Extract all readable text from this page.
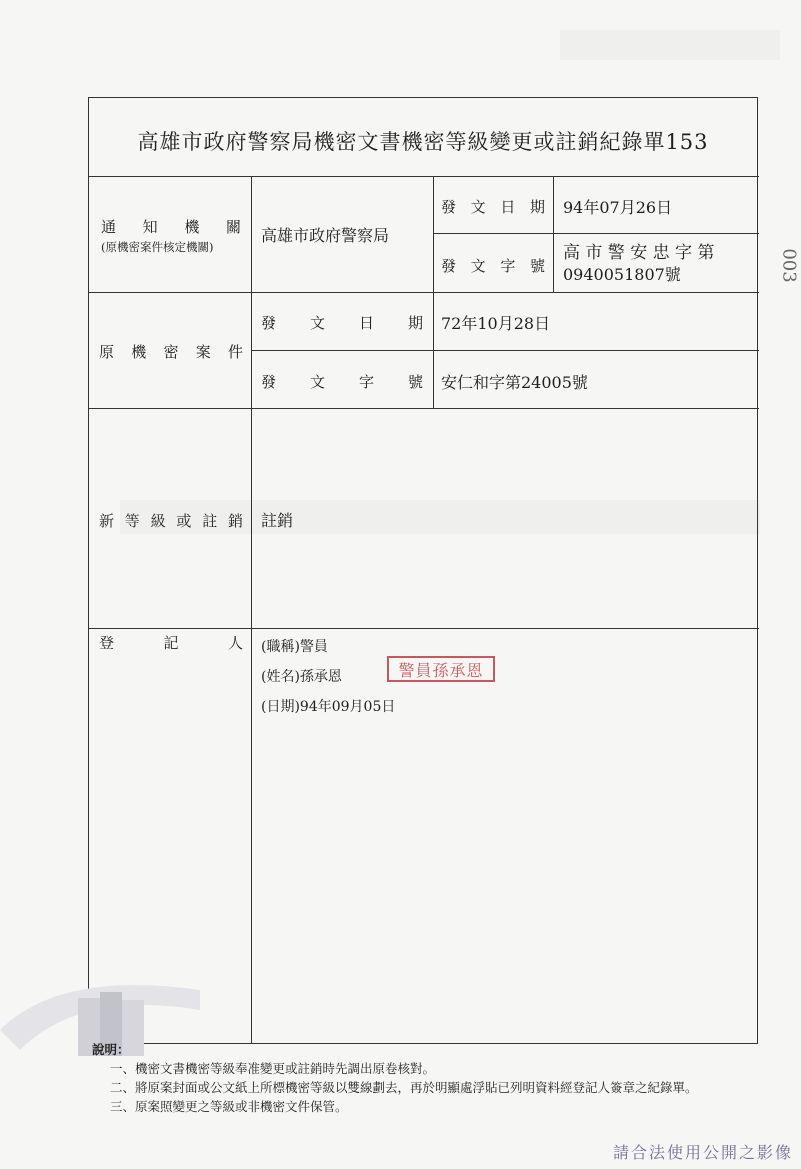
高雄市政府警察局機密文書機密等級變更或註銷紀錄單153
通 知 機 關
(原機密案件核定機關)
高雄市政府警察局
發 文 日 期 94年07月26日
發 文 字 號
高 市 警 安 忠 字 第
0940051807號
原 機 密 案 件
發 文 日 期 72年10月28日
發 文 字 號 安仁和字第24005號
新 等 級 或 註 銷 註銷
登	記	人 (職稱)警員
(姓名)孫承恩
(日期)94年09月05日
警員孫承恩
003
說明：
一、機密文書機密等級奉准變更或註銷時先調出原卷核對。
二、將原案封面或公文紙上所標機密等級以雙線劃去，再於明顯處浮貼已列明資料經登記人簽章之紀錄單。
三、原案照變更之等級或非機密文件保管。
請合法使用公開之影像
